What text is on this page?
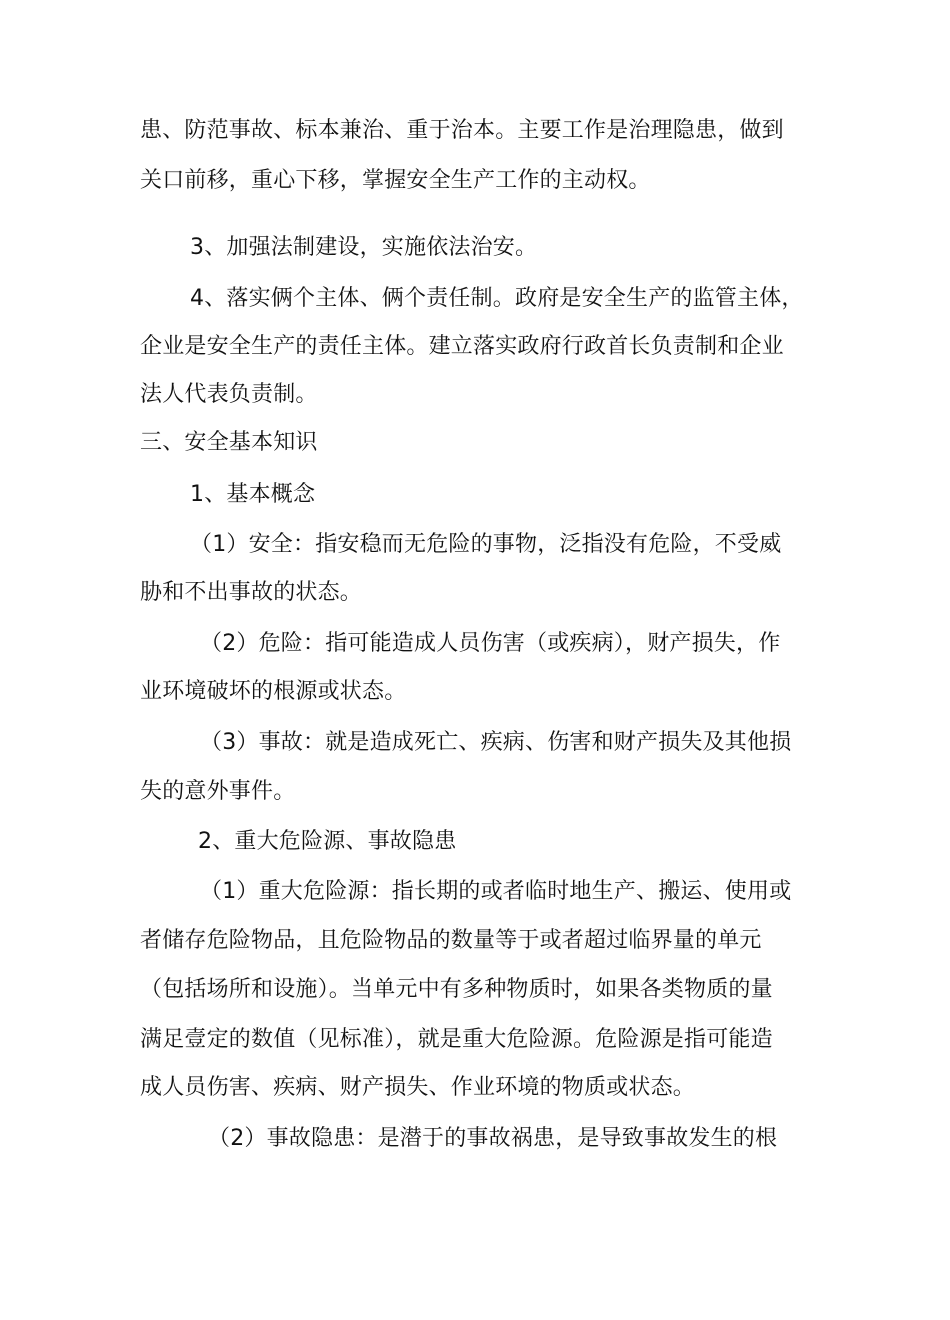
患、防范事故、标本兼治、重于治本。主要工作是治理隐患，做到
关口前移，重心下移，掌握安全生产工作的主动权。
3、加强法制建设，实施依法治安。
4、落实俩个主体、俩个责任制。政府是安全生产的监管主体，
企业是安全生产的责任主体。建立落实政府行政首长负责制和企业
法人代表负责制。
三、安全基本知识
1、基本概念
（1）安全：指安稳而无危险的事物，泛指没有危险，不受威
胁和不出事故的状态。
（2）危险：指可能造成人员伤害（或疾病），财产损失，作
业环境破坏的根源或状态。
（3）事故：就是造成死亡、疾病、伤害和财产损失及其他损
失的意外事件。
2、重大危险源、事故隐患
（1）重大危险源：指长期的或者临时地生产、搬运、使用或
者储存危险物品，且危险物品的数量等于或者超过临界量的单元
（包括场所和设施）。当单元中有多种物质时，如果各类物质的量
满足壹定的数值（见标准），就是重大危险源。危险源是指可能造
成人员伤害、疾病、财产损失、作业环境的物质或状态。
（2）事故隐患：是潜于的事故祸患，是导致事故发生的根
